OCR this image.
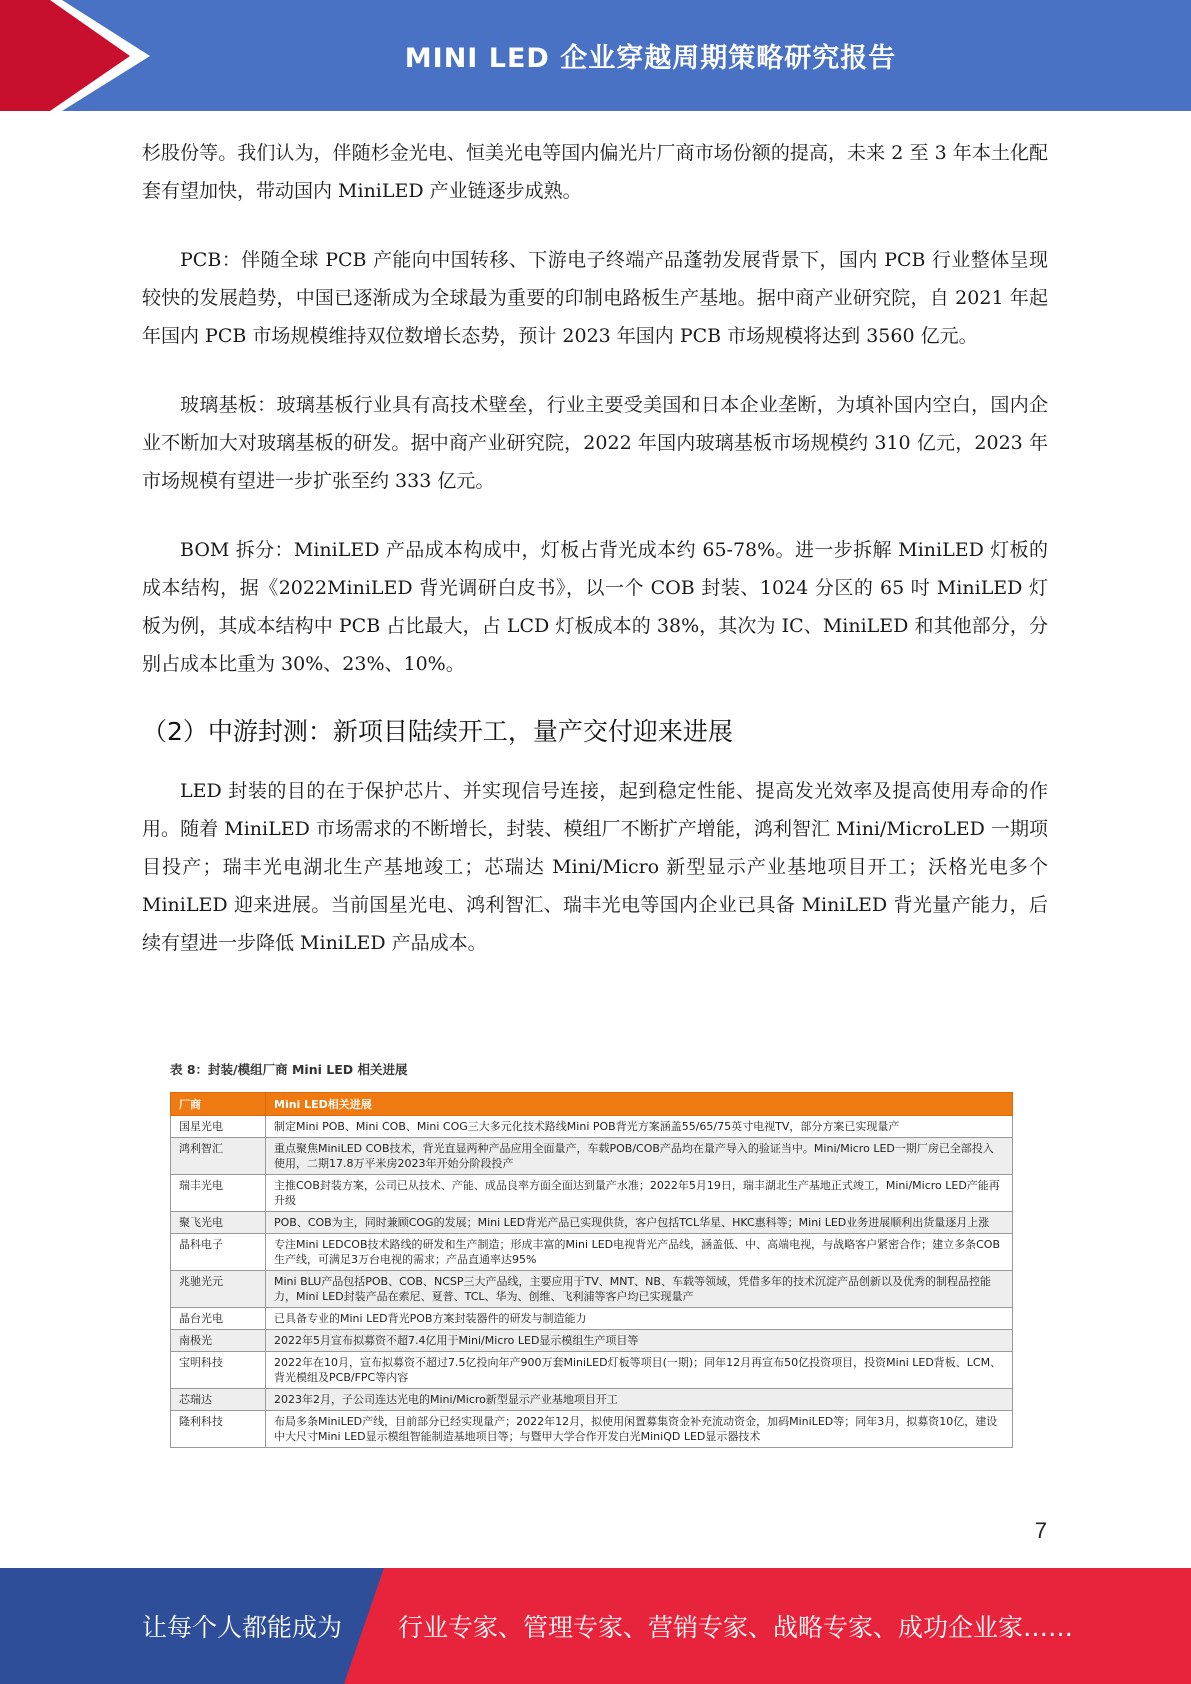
MINI LED 企业穿越周期策略研究报告

杉股份等。我们认为，伴随杉金光电、恒美光电等国内偏光片厂商市场份额的提高，未来 2 至 3 年本土化配套有望加快，带动国内 MiniLED 产业链逐步成熟。

PCB：伴随全球 PCB 产能向中国转移、下游电子终端产品蓬勃发展背景下，国内 PCB 行业整体呈现较快的发展趋势，中国已逐渐成为全球最为重要的印制电路板生产基地。据中商产业研究院，自 2021 年起年国内 PCB 市场规模维持双位数增长态势，预计 2023 年国内 PCB 市场规模将达到 3560 亿元。

玻璃基板：玻璃基板行业具有高技术壁垒，行业主要受美国和日本企业垄断，为填补国内空白，国内企业不断加大对玻璃基板的研发。据中商产业研究院，2022 年国内玻璃基板市场规模约 310 亿元，2023 年市场规模有望进一步扩张至约 333 亿元。

BOM 拆分：MiniLED 产品成本构成中，灯板占背光成本约 65-78%。进一步拆解 MiniLED 灯板的成本结构，据《2022MiniLED 背光调研白皮书》，以一个 COB 封装、1024 分区的 65 吋 MiniLED 灯板为例，其成本结构中 PCB 占比最大，占 LCD 灯板成本的 38%，其次为 IC、MiniLED 和其他部分，分别占成本比重为 30%、23%、10%。

（2）中游封测：新项目陆续开工，量产交付迎来进展

LED 封装的目的在于保护芯片、并实现信号连接，起到稳定性能、提高发光效率及提高使用寿命的作用。随着 MiniLED 市场需求的不断增长，封装、模组厂不断扩产增能，鸿利智汇 Mini/MicroLED 一期项目投产；瑞丰光电湖北生产基地竣工；芯瑞达 Mini/Micro 新型显示产业基地项目开工；沃格光电多个 MiniLED 迎来进展。当前国星光电、鸿利智汇、瑞丰光电等国内企业已具备 MiniLED 背光量产能力，后续有望进一步降低 MiniLED 产品成本。

表 8：封装/模组厂商 Mini LED 相关进展
厂商	Mini LED相关进展
国星光电	制定Mini POB、Mini COB、Mini COG三大多元化技术路线Mini POB背光方案涵盖55/65/75英寸电视TV，部分方案已实现量产
鸿利智汇	重点聚焦MiniLED COB技术，背光直显两种产品应用全面量产，车载POB/COB产品均在量产导入的验证当中。Mini/Micro LED一期厂房已全部投入使用，二期17.8万平米房2023年开始分阶段投产
瑞丰光电	主推COB封装方案，公司已从技术、产能、成品良率方面全面达到量产水准；2022年5月19日，瑞丰湖北生产基地正式竣工，Mini/Micro LED产能再升级
聚飞光电	POB、COB为主，同时兼顾COG的发展；Mini LED背光产品已实现供货，客户包括TCL华星、HKC惠科等；Mini LED业务进展顺利出货量逐月上涨
晶科电子	专注Mini LEDCOB技术路线的研发和生产制造；形成丰富的Mini LED电视背光产品线，涵盖低、中、高端电视，与战略客户紧密合作；建立多条COB生产线，可满足3万台电视的需求；产品直通率达95%
兆驰光元	Mini BLU产品包括POB、COB、NCSP三大产品线，主要应用于TV、MNT、NB、车载等领域，凭借多年的技术沉淀产品创新以及优秀的制程品控能力，Mini LED封装产品在索尼、夏普、TCL、华为、创维、飞利浦等客户均已实现量产
晶台光电	已具备专业的Mini LED背光POB方案封装器件的研发与制造能力
南极光	2022年5月宣布拟募资不超7.4亿用于Mini/Micro LED显示模组生产项目等
宝明科技	2022年在10月，宣布拟募资不超过7.5亿投向年产900万套MiniLED灯板等项目(一期)；同年12月再宣布50亿投资项目，投资Mini LED背板、LCM、背光模组及PCB/FPC等内容
芯瑞达	2023年2月，子公司连达光电的Mini/Micro新型显示产业基地项目开工
隆利科技	布局多条MiniLED产线，目前部分已经实现量产；2022年12月，拟使用闲置募集资金补充流动资金，加码MiniLED等；同年3月，拟募资10亿，建设中大尺寸Mini LED显示模组智能制造基地项目等；与暨甲大学合作开发白光MiniQD LED显示器技术
7
让每个人都能成为 行业专家、管理专家、营销专家、战略专家、成功企业家……
